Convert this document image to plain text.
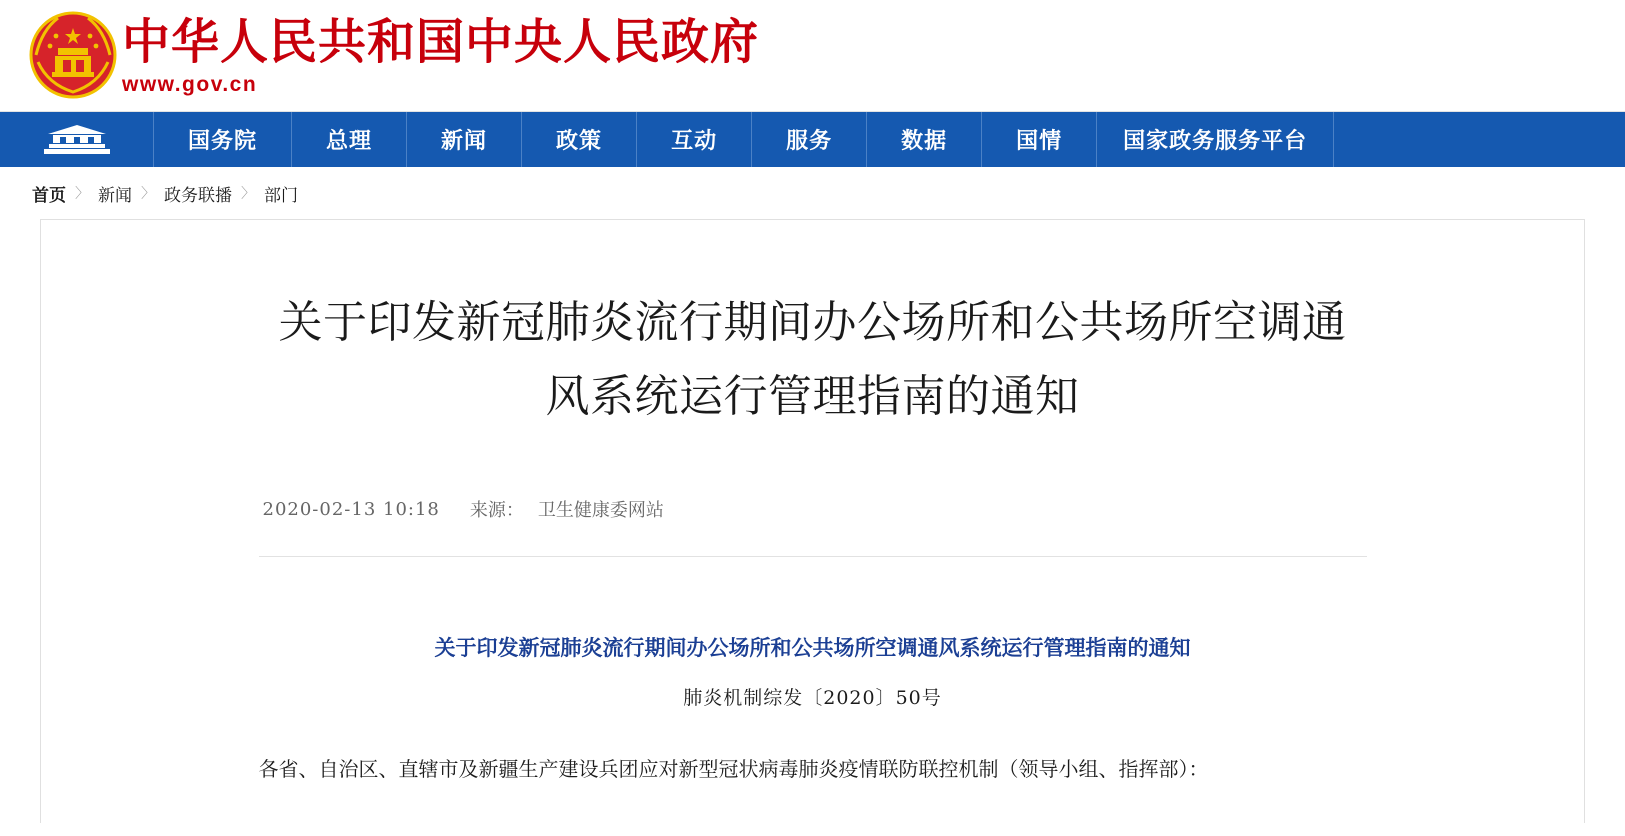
中华人民共和国中央人民政府
www.gov.cn
国务院	总理	新闻	政策	互动	服务	数据	国情	国家政务服务平台
首页 〉 新闻 〉 政务联播 〉 部门
关于印发新冠肺炎流行期间办公场所和公共场所空调通风系统运行管理指南的通知
2020-02-13 10:18 来源： 卫生健康委网站
关于印发新冠肺炎流行期间办公场所和公共场所空调通风系统运行管理指南的通知
肺炎机制综发〔2020〕50号
各省、自治区、直辖市及新疆生产建设兵团应对新型冠状病毒肺炎疫情联防联控机制（领导小组、指挥部）：
